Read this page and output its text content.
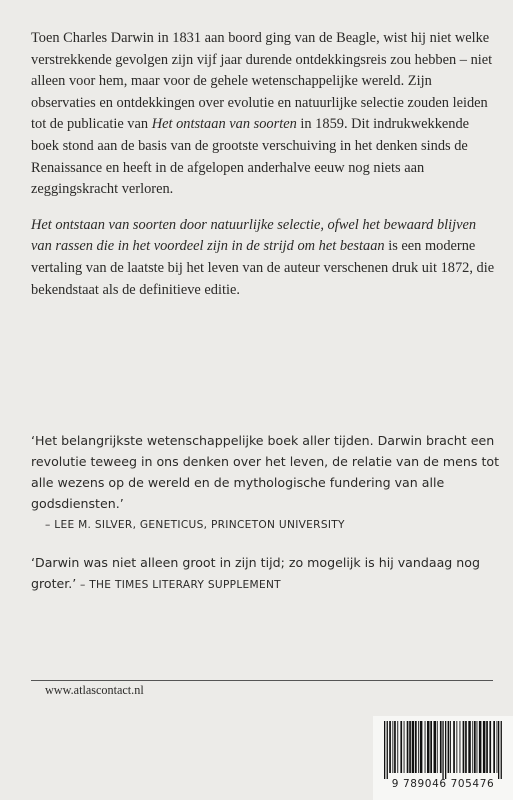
Toen Charles Darwin in 1831 aan boord ging van de Beagle, wist hij niet welke verstrekkende gevolgen zijn vijf jaar durende ontdekkingsreis zou hebben – niet alleen voor hem, maar voor de gehele wetenschappelijke wereld. Zijn observaties en ontdekkingen over evolutie en natuurlijke selectie zouden leiden tot de publicatie van Het ontstaan van soorten in 1859. Dit indrukwekkende boek stond aan de basis van de grootste verschuiving in het denken sinds de Renaissance en heeft in de afgelopen anderhalve eeuw nog niets aan zeggingskracht verloren.

Het ontstaan van soorten door natuurlijke selectie, ofwel het bewaard blijven van rassen die in het voordeel zijn in de strijd om het bestaan is een moderne vertaling van de laatste bij het leven van de auteur verschenen druk uit 1872, die bekendstaat als de definitieve editie.

‘Het belangrijkste wetenschappelijke boek aller tijden. Darwin bracht een revolutie teweeg in ons denken over het leven, de relatie van de mens tot alle wezens op de wereld en de mythologische fundering van alle godsdiensten.’
– LEE M. SILVER, GENETICUS, PRINCETON UNIVERSITY

‘Darwin was niet alleen groot in zijn tijd; zo mogelijk is hij vandaag nog groter.’ – THE TIMES LITERARY SUPPLEMENT

www.atlascontact.nl
9 789046 705476
